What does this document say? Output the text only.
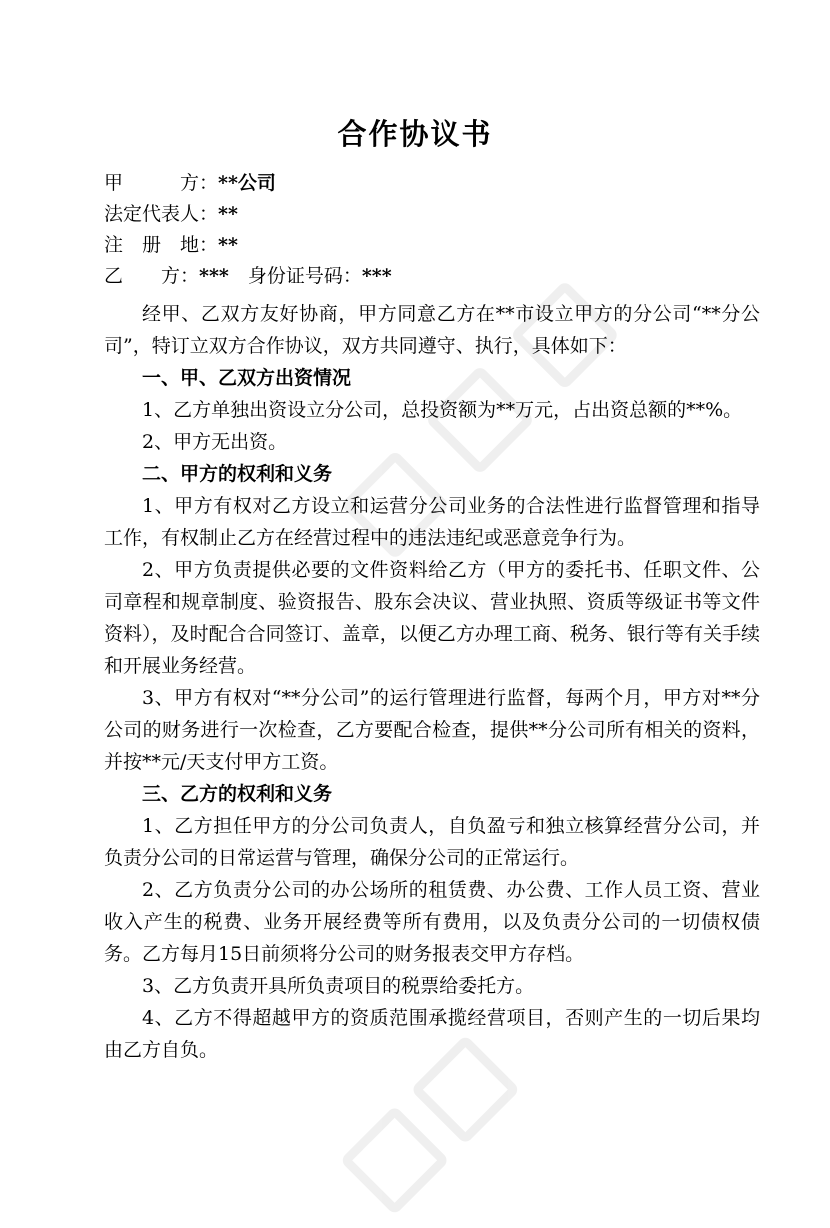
合作协议书
甲　　　方：**公司
法定代表人：**
注　册　地：**
乙　　方：***　身份证号码：***

经甲、乙双方友好协商，甲方同意乙方在**市设立甲方的分公司“**分公司”，特订立双方合作协议，双方共同遵守、执行，具体如下：

一、甲、乙双方出资情况

1、乙方单独出资设立分公司，总投资额为**万元，占出资总额的**%。

2、甲方无出资。

二、甲方的权利和义务

1、甲方有权对乙方设立和运营分公司业务的合法性进行监督管理和指导工作，有权制止乙方在经营过程中的违法违纪或恶意竞争行为。

2、甲方负责提供必要的文件资料给乙方（甲方的委托书、任职文件、公司章程和规章制度、验资报告、股东会决议、营业执照、资质等级证书等文件资料），及时配合合同签订、盖章，以便乙方办理工商、税务、银行等有关手续和开展业务经营。

3、甲方有权对“**分公司”的运行管理进行监督，每两个月，甲方对**分公司的财务进行一次检查，乙方要配合检查，提供**分公司所有相关的资料，并按**元/天支付甲方工资。

三、乙方的权利和义务

1、乙方担任甲方的分公司负责人，自负盈亏和独立核算经营分公司，并负责分公司的日常运营与管理，确保分公司的正常运行。

2、乙方负责分公司的办公场所的租赁费、办公费、工作人员工资、营业收入产生的税费、业务开展经费等所有费用，以及负责分公司的一切债权债务。乙方每月15日前须将分公司的财务报表交甲方存档。

3、乙方负责开具所负责项目的税票给委托方。

4、乙方不得超越甲方的资质范围承揽经营项目，否则产生的一切后果均由乙方自负。
